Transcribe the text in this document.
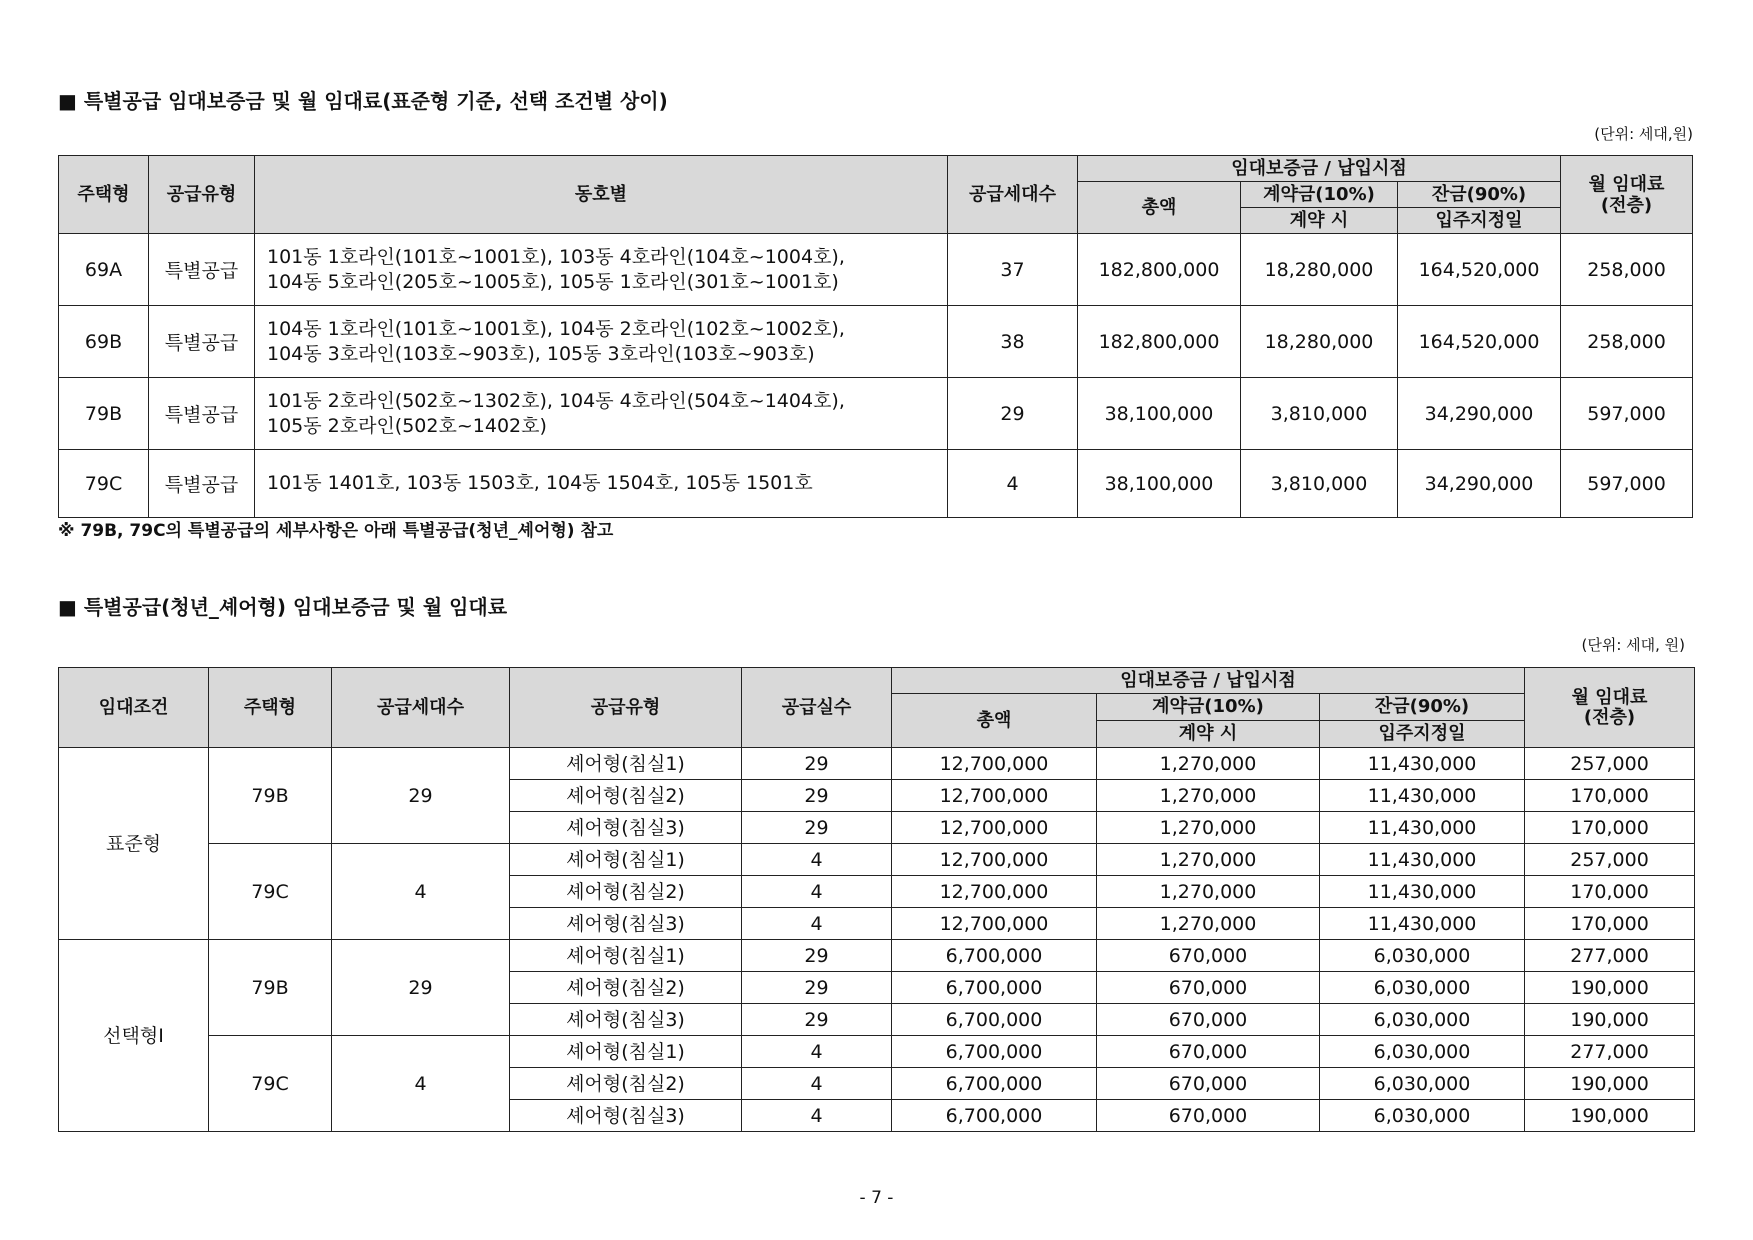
■ 특별공급 임대보증금 및 월 임대료(표준형 기준, 선택 조건별 상이)
(단위: 세대,원)
주택형	공급유형	동호별	공급세대수	임대보증금 / 납입시점			월 임대료
(전층)
				총액	계약금(10%)	잔금(90%)	
					계약 시	입주지정일	
69A	특별공급	101동 1호라인(101호~1001호), 103동 4호라인(104호~1004호),
104동 5호라인(205호~1005호), 105동 1호라인(301호~1001호)	37	182,800,000	18,280,000	164,520,000	258,000
69B	특별공급	104동 1호라인(101호~1001호), 104동 2호라인(102호~1002호),
104동 3호라인(103호~903호), 105동 3호라인(103호~903호)	38	182,800,000	18,280,000	164,520,000	258,000
79B	특별공급	101동 2호라인(502호~1302호), 104동 4호라인(504호~1404호),
105동 2호라인(502호~1402호)	29	38,100,000	3,810,000	34,290,000	597,000
79C	특별공급	101동 1401호, 103동 1503호, 104동 1504호, 105동 1501호	4	38,100,000	3,810,000	34,290,000	597,000
※ 79B, 79C의 특별공급의 세부사항은 아래 특별공급(청년_셰어형) 참고
■ 특별공급(청년_셰어형) 임대보증금 및 월 임대료
(단위: 세대, 원)
임대조건	주택형	공급세대수	공급유형	공급실수	임대보증금 / 납입시점			월 임대료
(전층)
					총액	계약금(10%)	잔금(90%)	
						계약 시	입주지정일	
표준형	79B	29	셰어형(침실1)	29	12,700,000	1,270,000	11,430,000	257,000
			셰어형(침실2)	29	12,700,000	1,270,000	11,430,000	170,000
			셰어형(침실3)	29	12,700,000	1,270,000	11,430,000	170,000
	79C	4	셰어형(침실1)	4	12,700,000	1,270,000	11,430,000	257,000
			셰어형(침실2)	4	12,700,000	1,270,000	11,430,000	170,000
			셰어형(침실3)	4	12,700,000	1,270,000	11,430,000	170,000
선택형Ⅰ	79B	29	셰어형(침실1)	29	6,700,000	670,000	6,030,000	277,000
			셰어형(침실2)	29	6,700,000	670,000	6,030,000	190,000
			셰어형(침실3)	29	6,700,000	670,000	6,030,000	190,000
	79C	4	셰어형(침실1)	4	6,700,000	670,000	6,030,000	277,000
			셰어형(침실2)	4	6,700,000	670,000	6,030,000	190,000
			셰어형(침실3)	4	6,700,000	670,000	6,030,000	190,000
- 7 -
